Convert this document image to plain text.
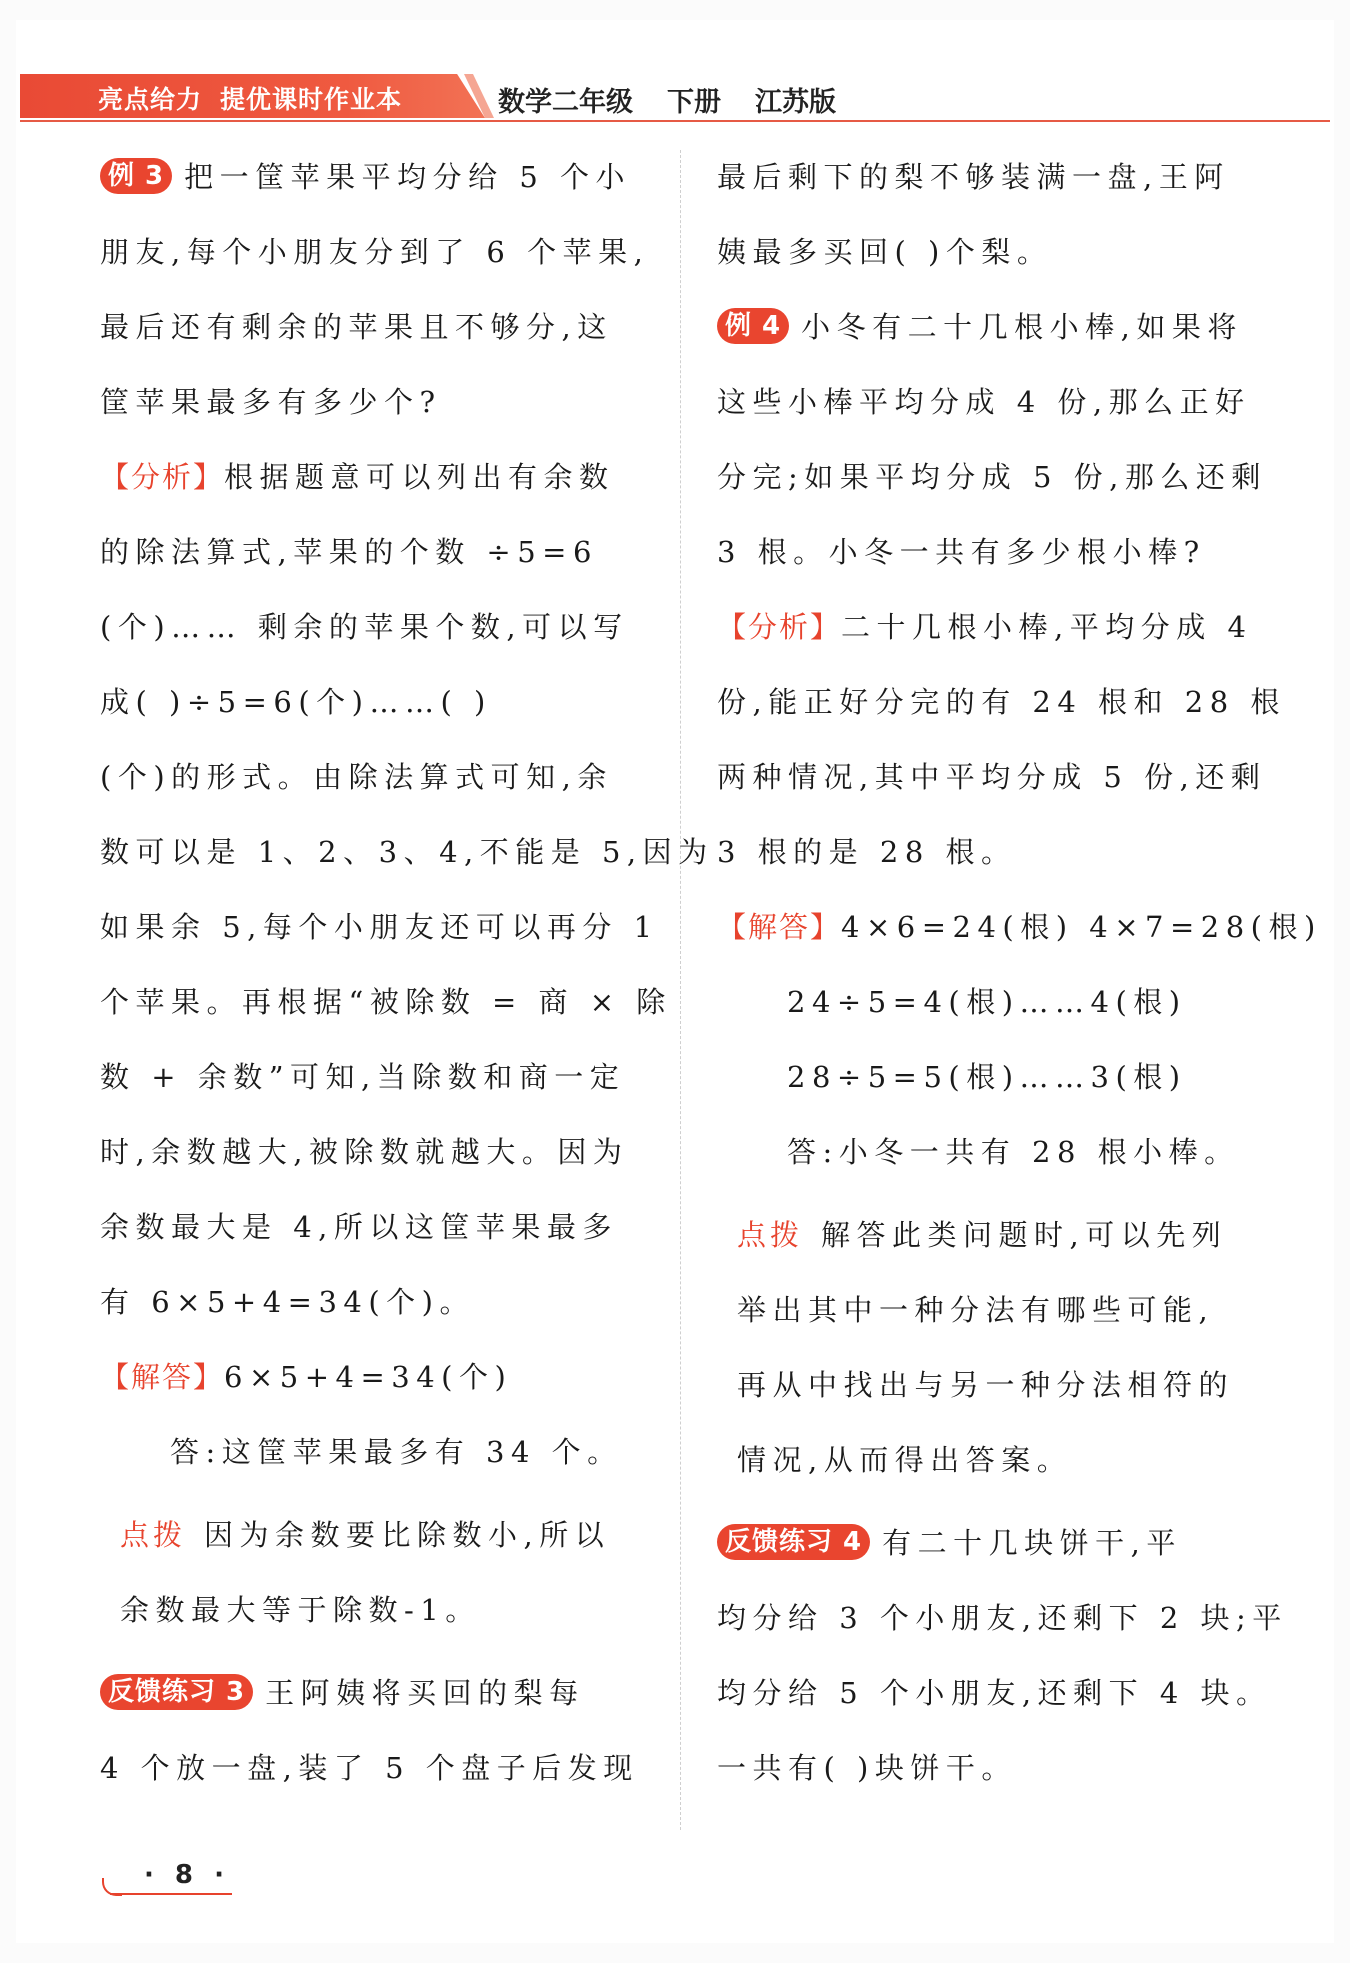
亮点给力 提优课时作业本	数学二年级 下册 江苏版
例 3 把一筐苹果平均分给 5 个小
朋友,每个小朋友分到了 6 个苹果,
最后还有剩余的苹果且不够分,这
筐苹果最多有多少个?
【分析】根据题意可以列出有余数
的除法算式,苹果的个数 ÷5=6
(个)…… 剩余的苹果个数,可以写
成( )÷5=6(个)……( )
(个)的形式。由除法算式可知,余
数可以是 1、2、3、4,不能是 5,因为
如果余 5,每个小朋友还可以再分 1
个苹果。再根据“被除数 = 商 × 除
数 + 余数”可知,当除数和商一定
时,余数越大,被除数就越大。因为
余数最大是 4,所以这筐苹果最多
有 6×5+4=34(个)。
【解答】6×5+4=34(个)
答:这筐苹果最多有 34 个。
点拨 因为余数要比除数小,所以
余数最大等于除数-1。
反馈练习 3 王阿姨将买回的梨每
4 个放一盘,装了 5 个盘子后发现
最后剩下的梨不够装满一盘,王阿
姨最多买回( )个梨。
例 4 小冬有二十几根小棒,如果将
这些小棒平均分成 4 份,那么正好
分完;如果平均分成 5 份,那么还剩
3 根。小冬一共有多少根小棒?
【分析】二十几根小棒,平均分成 4
份,能正好分完的有 24 根和 28 根
两种情况,其中平均分成 5 份,还剩
3 根的是 28 根。
【解答】4×6=24(根) 4×7=28(根)
24÷5=4(根)……4(根)
28÷5=5(根)……3(根)
答:小冬一共有 28 根小棒。
点拨 解答此类问题时,可以先列
举出其中一种分法有哪些可能,
再从中找出与另一种分法相符的
情况,从而得出答案。
反馈练习 4 有二十几块饼干,平
均分给 3 个小朋友,还剩下 2 块;平
均分给 5 个小朋友,还剩下 4 块。
一共有( )块饼干。
· 8 ·
